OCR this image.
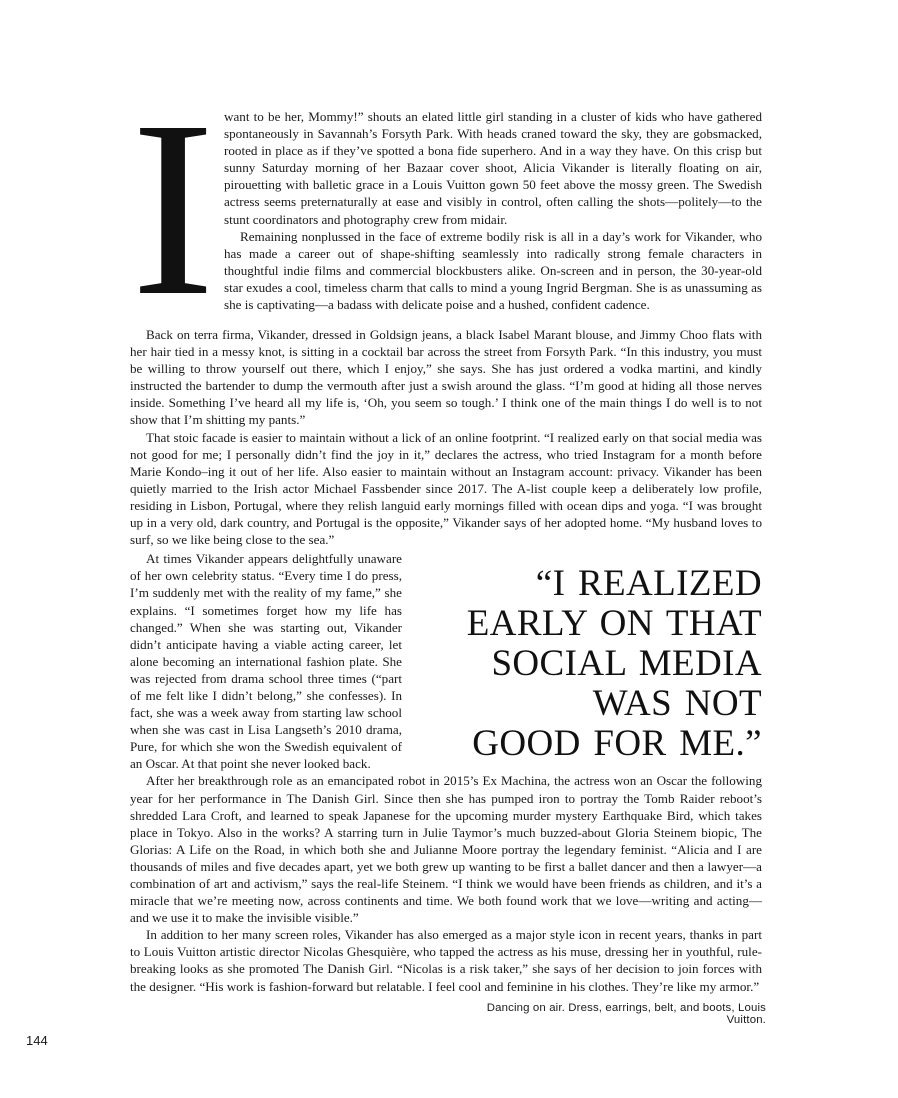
I want to be her, Mommy!” shouts an elated little girl standing in a cluster of kids who have gathered spontaneously in Savannah’s Forsyth Park. With heads craned toward the sky, they are gobsmacked, rooted in place as if they’ve spotted a bona fide superhero. And in a way they have. On this crisp but sunny Saturday morning of her Bazaar cover shoot, Alicia Vikander is literally floating on air, pirouetting with balletic grace in a Louis Vuitton gown 50 feet above the mossy green. The Swedish actress seems preternaturally at ease and visibly in control, often calling the shots—politely—to the stunt coordinators and photography crew from midair.

Remaining nonplussed in the face of extreme bodily risk is all in a day’s work for Vikander, who has made a career out of shape-shifting seamlessly into radically strong female characters in thoughtful indie films and commercial blockbusters alike. On-screen and in person, the 30-year-old star exudes a cool, timeless charm that calls to mind a young Ingrid Bergman. She is as unassuming as she is captivating—a badass with delicate poise and a hushed, confident cadence.

Back on terra firma, Vikander, dressed in Goldsign jeans, a black Isabel Marant blouse, and Jimmy Choo flats with her hair tied in a messy knot, is sitting in a cocktail bar across the street from Forsyth Park. “In this industry, you must be willing to throw yourself out there, which I enjoy,” she says. She has just ordered a vodka martini, and kindly instructed the bartender to dump the vermouth after just a swish around the glass. “I’m good at hiding all those nerves inside. Something I’ve heard all my life is, ‘Oh, you seem so tough.’ I think one of the main things I do well is to not show that I’m shitting my pants.”

That stoic facade is easier to maintain without a lick of an online footprint. “I realized early on that social media was not good for me; I personally didn’t find the joy in it,” declares the actress, who tried Instagram for a month before Marie Kondo–ing it out of her life. Also easier to maintain without an Instagram account: privacy. Vikander has been quietly married to the Irish actor Michael Fassbender since 2017. The A-list couple keep a deliberately low profile, residing in Lisbon, Portugal, where they relish languid early mornings filled with ocean dips and yoga. “I was brought up in a very old, dark country, and Portugal is the opposite,” Vikander says of her adopted home. “My husband loves to surf, so we like being close to the sea.”

At times Vikander appears delightfully unaware of her own celebrity status. “Every time I do press, I’m suddenly met with the reality of my fame,” she explains. “I sometimes forget how my life has changed.” When she was starting out, Vikander didn’t anticipate having a viable acting career, let alone becoming an international fashion plate. She was rejected from drama school three times (“part of me felt like I didn’t belong,” she confesses). In fact, she was a week away from starting law school when she was cast in Lisa Langseth’s 2010 drama, Pure, for which she won the Swedish equivalent of an Oscar. At that point she never looked back.

“I REALIZED
EARLY ON THAT
SOCIAL MEDIA
WAS NOT
GOOD FOR ME.”

After her breakthrough role as an emancipated robot in 2015’s Ex Machina, the actress won an Oscar the following year for her performance in The Danish Girl. Since then she has pumped iron to portray the Tomb Raider reboot’s shredded Lara Croft, and learned to speak Japanese for the upcoming murder mystery Earthquake Bird, which takes place in Tokyo. Also in the works? A starring turn in Julie Taymor’s much buzzed-about Gloria Steinem biopic, The Glorias: A Life on the Road, in which both she and Julianne Moore portray the legendary feminist. “Alicia and I are thousands of miles and five decades apart, yet we both grew up wanting to be first a ballet dancer and then a lawyer—a combination of art and activism,” says the real-life Steinem. “I think we would have been friends as children, and it’s a miracle that we’re meeting now, across continents and time. We both found work that we love—writing and acting—and we use it to make the invisible visible.”

In addition to her many screen roles, Vikander has also emerged as a major style icon in recent years, thanks in part to Louis Vuitton artistic director Nicolas Ghesquière, who tapped the actress as his muse, dressing her in youthful, rule-breaking looks as she promoted The Danish Girl. “Nicolas is a risk taker,” she says of her decision to join forces with the designer. “His work is fashion-forward but relatable. I feel cool and feminine in his clothes. They’re like my armor.”

Dancing on air. Dress, earrings, belt, and boots, Louis Vuitton.
144
